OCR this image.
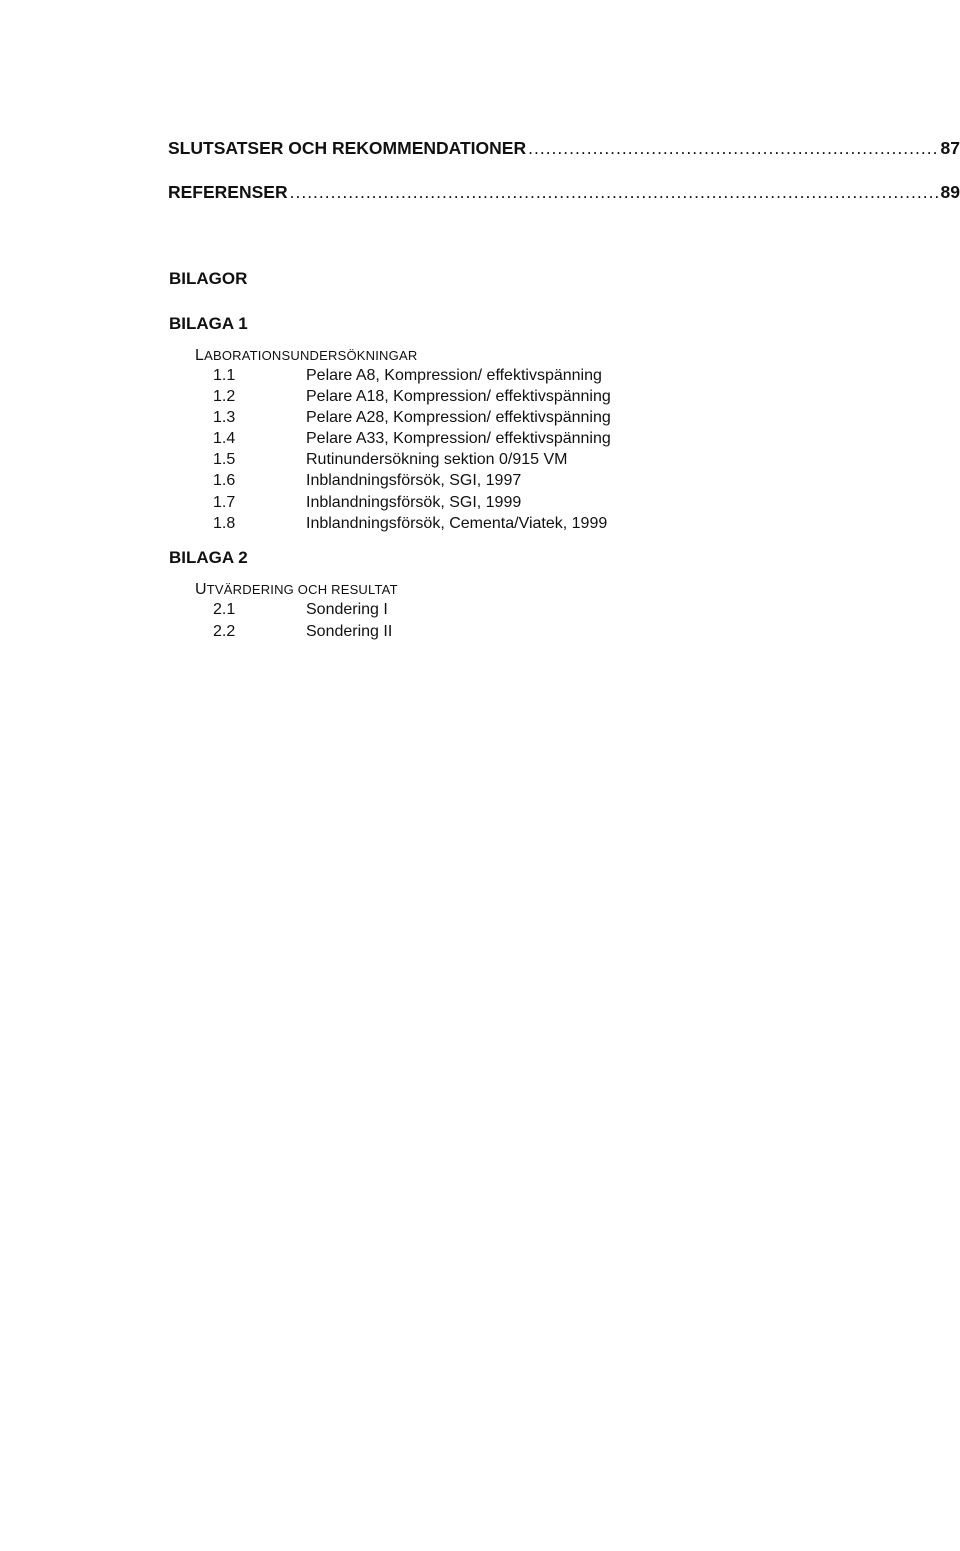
SLUTSATSER OCH REKOMMENDATIONER .....	87
REFERENSER .....	89
BILAGOR
BILAGA 1
LABORATIONSUNDERSÖKNINGAR
1.1	Pelare A8, Kompression/ effektivspänning
1.2	Pelare A18, Kompression/ effektivspänning
1.3	Pelare A28, Kompression/ effektivspänning
1.4	Pelare A33, Kompression/ effektivspänning
1.5	Rutinundersökning sektion 0/915 VM
1.6	Inblandningsförsök, SGI, 1997
1.7	Inblandningsförsök, SGI, 1999
1.8	Inblandningsförsök, Cementa/Viatek, 1999
BILAGA 2
UTVÄRDERING OCH RESULTAT
2.1	Sondering I
2.2	Sondering II
